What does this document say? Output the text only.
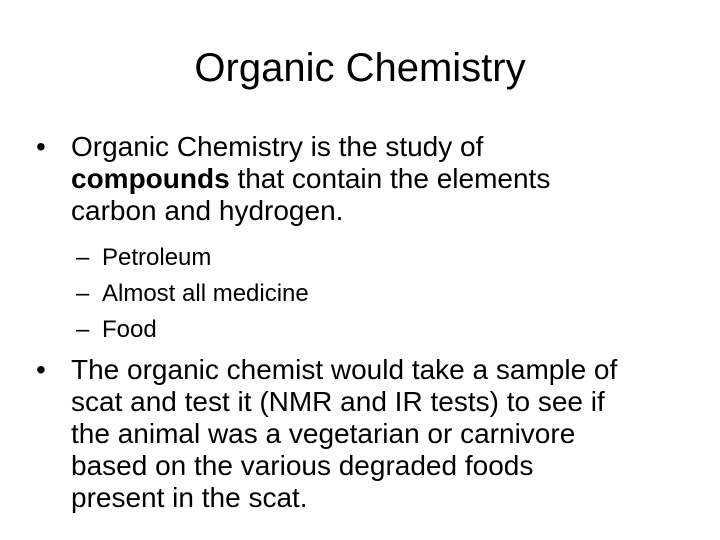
Organic Chemistry
• Organic Chemistry is the study of
compounds that contain the elements
carbon and hydrogen.
– Petroleum
– Almost all medicine
– Food
• The organic chemist would take a sample of
scat and test it (NMR and IR tests) to see if
the animal was a vegetarian or carnivore
based on the various degraded foods
present in the scat.
